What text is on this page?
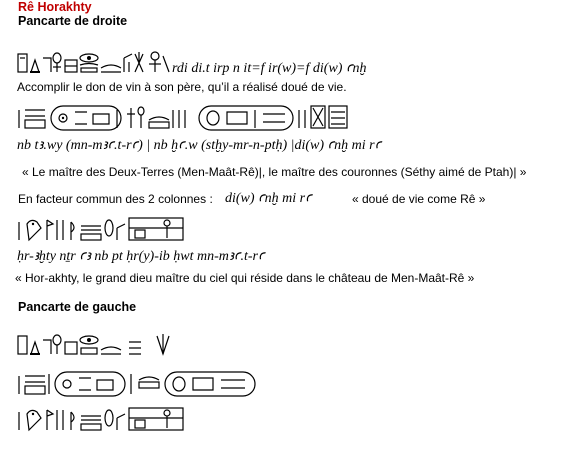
Rê Horakhty
Pancarte de droite
rdi di.t irp n it=f ir(w)=f di(w) ꜥnḫ
Accomplir le don de vin à son père, qu’il a réalisé doué de vie.
nb tꜣ.wy (mn-mꜣꜥ.t-rꜥ) | nb ḫꜥ.w (stḫy-mr-n-ptḥ) |di(w) ꜥnḫ mi rꜥ
« Le maître des Deux-Terres (Men-Maât-Rê)|, le maître des couronnes (Séthy aimé de Ptah)| »
En facteur commun des 2 colonnes : di(w) ꜥnḫ mi rꜥ	« doué de vie come Rê »
ḥr-ꜣḫty nṯr ꜥꜣ nb pt ḥr(y)-ib ḥwt mn-mꜣꜥ.t-rꜥ
« Hor-akhty, le grand dieu maître du ciel qui réside dans le château de Men-Maât-Rê »
Pancarte de gauche
